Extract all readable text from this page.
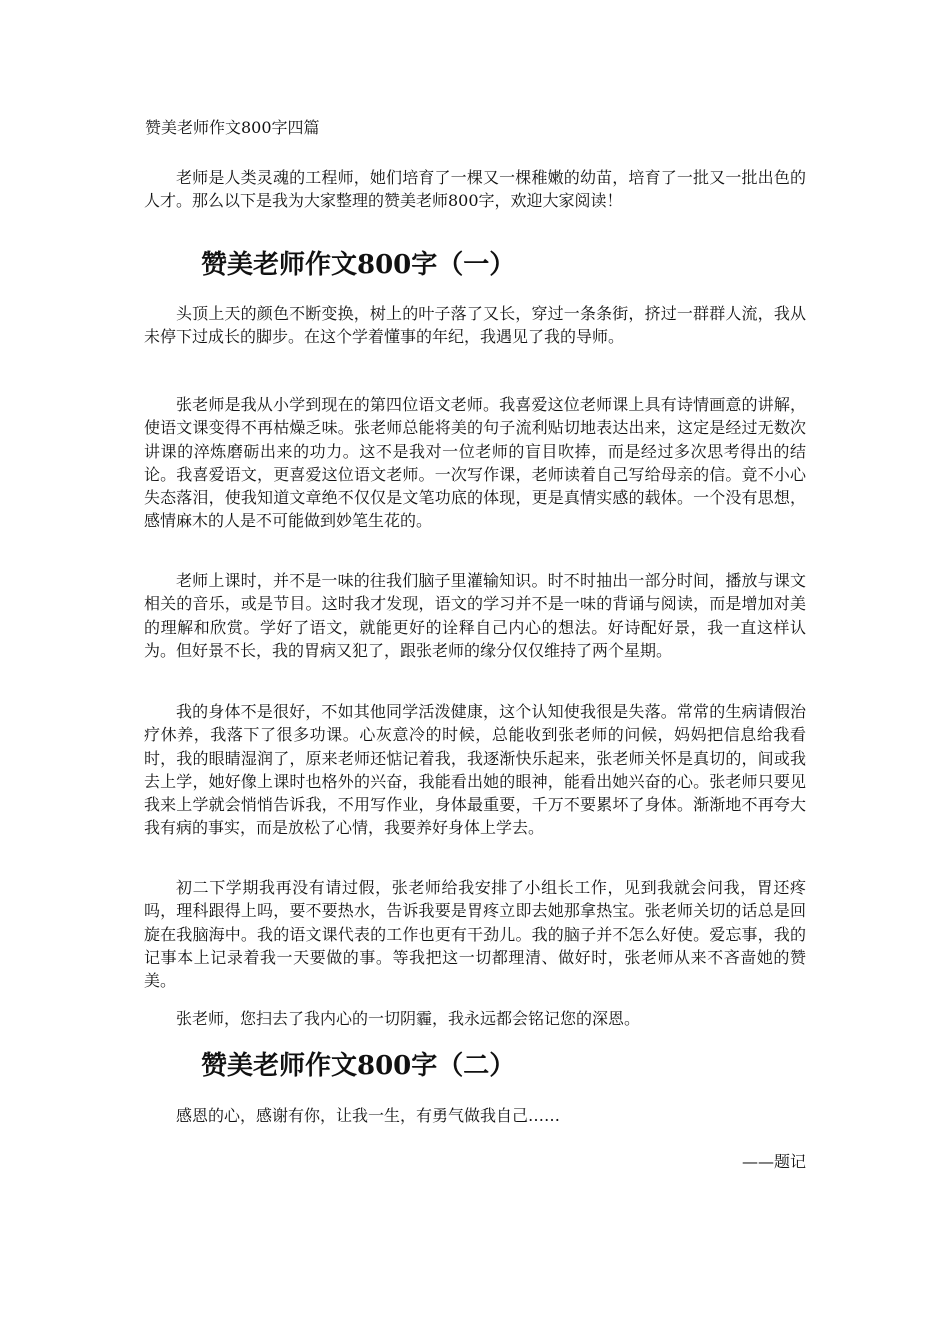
赞美老师作文800字四篇

老师是人类灵魂的工程师，她们培育了一棵又一棵稚嫩的幼苗，培育了一批又一批出色的人才。那么以下是我为大家整理的赞美老师800字，欢迎大家阅读！

赞美老师作文800字（一）

头顶上天的颜色不断变换，树上的叶子落了又长，穿过一条条街，挤过一群群人流，我从未停下过成长的脚步。在这个学着懂事的年纪，我遇见了我的导师。

张老师是我从小学到现在的第四位语文老师。我喜爱这位老师课上具有诗情画意的讲解，使语文课变得不再枯燥乏味。张老师总能将美的句子流利贴切地表达出来，这定是经过无数次讲课的淬炼磨砺出来的功力。这不是我对一位老师的盲目吹捧，而是经过多次思考得出的结论。我喜爱语文，更喜爱这位语文老师。一次写作课，老师读着自己写给母亲的信。竟不小心失态落泪，使我知道文章绝不仅仅是文笔功底的体现，更是真情实感的载体。一个没有思想，感情麻木的人是不可能做到妙笔生花的。

老师上课时，并不是一味的往我们脑子里灌输知识。时不时抽出一部分时间，播放与课文相关的音乐，或是节目。这时我才发现，语文的学习并不是一味的背诵与阅读，而是增加对美的理解和欣赏。学好了语文，就能更好的诠释自己内心的想法。好诗配好景，我一直这样认为。但好景不长，我的胃病又犯了，跟张老师的缘分仅仅维持了两个星期。

我的身体不是很好，不如其他同学活泼健康，这个认知使我很是失落。常常的生病请假治疗休养，我落下了很多功课。心灰意冷的时候，总能收到张老师的问候，妈妈把信息给我看时，我的眼睛湿润了，原来老师还惦记着我，我逐渐快乐起来，张老师关怀是真切的，间或我去上学，她好像上课时也格外的兴奋，我能看出她的眼神，能看出她兴奋的心。张老师只要见我来上学就会悄悄告诉我，不用写作业，身体最重要，千万不要累坏了身体。渐渐地不再夸大我有病的事实，而是放松了心情，我要养好身体上学去。

初二下学期我再没有请过假，张老师给我安排了小组长工作，见到我就会问我，胃还疼吗，理科跟得上吗，要不要热水，告诉我要是胃疼立即去她那拿热宝。张老师关切的话总是回旋在我脑海中。我的语文课代表的工作也更有干劲儿。我的脑子并不怎么好使。爱忘事，我的记事本上记录着我一天要做的事。等我把这一切都理清、做好时，张老师从来不吝啬她的赞美。

张老师，您扫去了我内心的一切阴霾，我永远都会铭记您的深恩。

赞美老师作文800字（二）

感恩的心，感谢有你，让我一生，有勇气做我自己……

——题记
